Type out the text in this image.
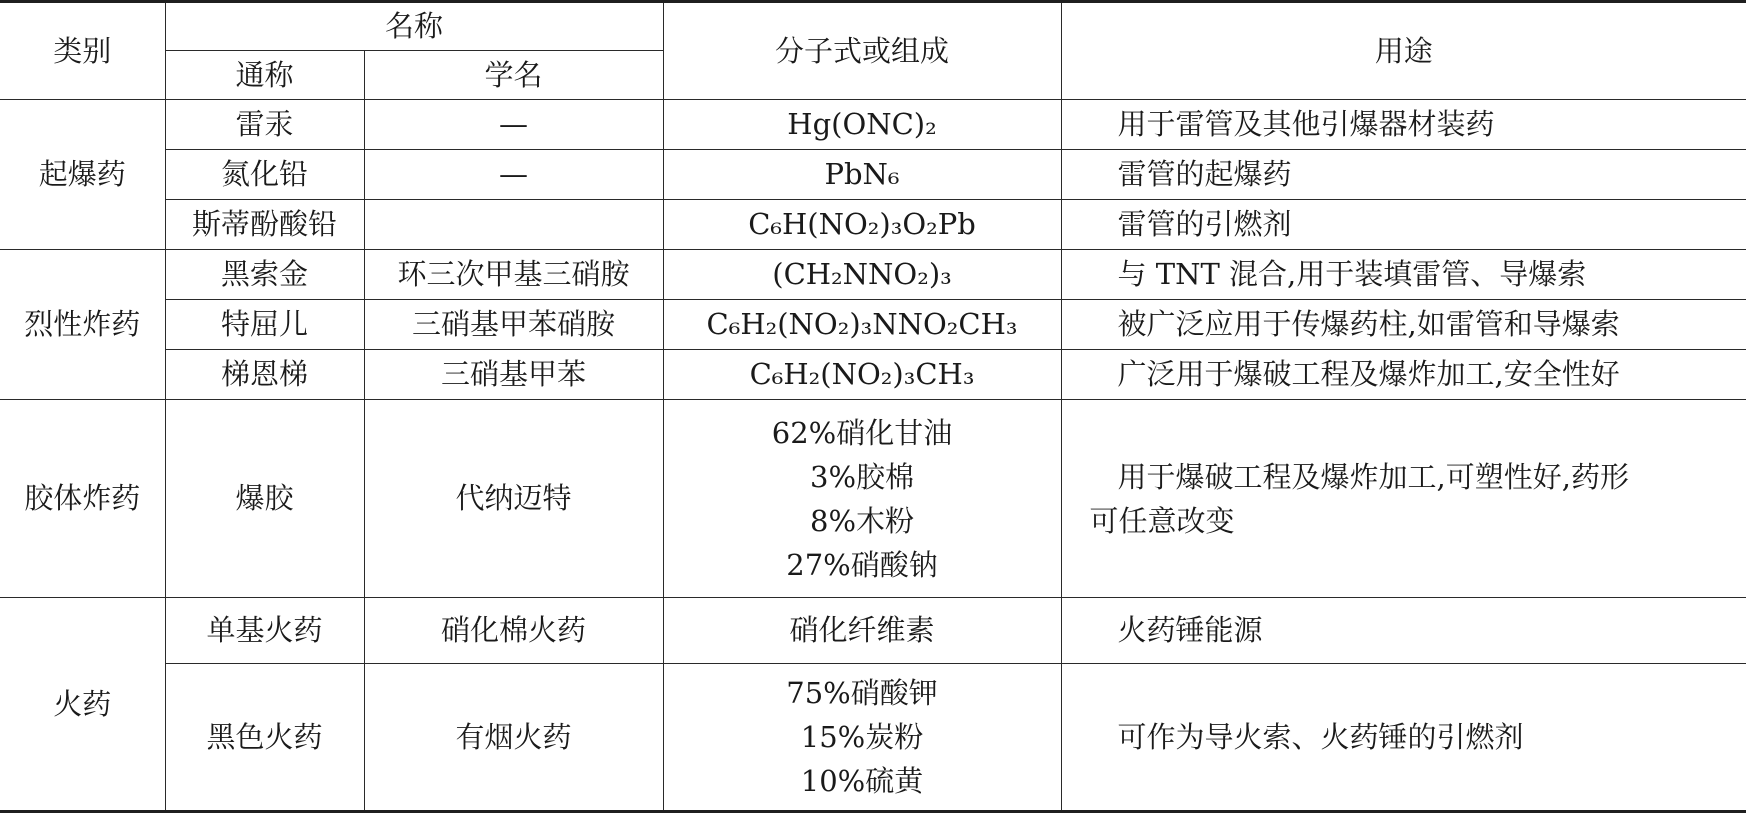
类别	名称		分子式或组成	用途
	通称	学名		
起爆药	雷汞	—	Hg(ONC)₂	用于雷管及其他引爆器材装药
	氮化铅	—	PbN₆	雷管的起爆药
	斯蒂酚酸铅		C₆H(NO₂)₃O₂Pb	雷管的引燃剂
烈性炸药	黑索金	环三次甲基三硝胺	(CH₂NNO₂)₃	与 TNT 混合,用于装填雷管、导爆索
	特屈儿	三硝基甲苯硝胺	C₆H₂(NO₂)₃NNO₂CH₃	被广泛应用于传爆药柱,如雷管和导爆索
	梯恩梯	三硝基甲苯	C₆H₂(NO₂)₃CH₃	广泛用于爆破工程及爆炸加工,安全性好
胶体炸药	爆胶	代纳迈特	62%硝化甘油
3%胶棉
8%木粉
27%硝酸钠	用于爆破工程及爆炸加工,可塑性好,药形
可任意改变

火药	单基火药	硝化棉火药	硝化纤维素	火药锤能源
	黑色火药	有烟火药	75%硝酸钾
15%炭粉
10%硫黄	可作为导火索、火药锤的引燃剂
